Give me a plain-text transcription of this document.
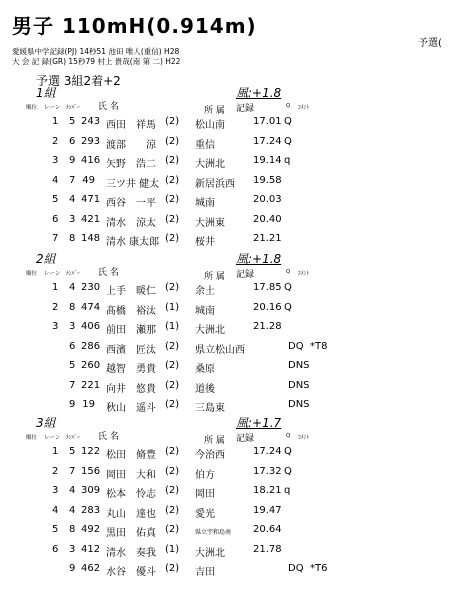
男子 110mH(0.914m)
予選(
愛媛県中学記録(PJ) 14秒51 池田 唯人(重信) H28
大 会 記 録(GR) 15秒79 村上 貴哉(南 第 二) H22
予選 3組2着+2
1組	風:+1.8
順位 レーン ﾅﾝﾊﾞｰ 氏 名	所 属 記録	Q ｺﾒﾝﾄ
1 5 243 西田　祥馬 (2) 松山南	17.01 Q
2 6 293 渡部　　涼 (2) 重信	17.24 Q
3 9 416 矢野　浩二 (2) 大洲北	19.14 q
4 7 49 三ツ井 健太 (2) 新居浜西 19.58
5 4 471 西谷　一平 (2) 城南	20.03
6 3 421 清水　涼太 (2) 大洲東	20.40
7 8 148 清水 康太郎 (2) 桜井	21.21
2組	風:+1.8
順位 レーン ﾅﾝﾊﾞｰ 氏 名	所 属 記録	Q ｺﾒﾝﾄ
1 4 230 上手　暖仁 (2) 余土	17.85 Q
2 8 474 髙橋　裕汰 (1) 城南	20.16 Q
3 3 406 前田　瀬那 (1) 大洲北	21.28
6 286 西濱　匠汰 (2) 県立松山西	DQ *T8
5 260 越智　勇貴 (2) 桑原	DNS
7 221 向井　悠貴 (2) 道後	DNS
9 19 秋山　遥斗 (2) 三島東	DNS
3組	風:+1.7
順位 レーン ﾅﾝﾊﾞｰ 氏 名	所 属 記録	Q ｺﾒﾝﾄ
1 5 122 松田　脩豊 (2) 今治西	17.24 Q
2 7 156 岡田　大和 (2) 伯方	17.32 Q
3 4 309 松本　怜志 (2) 岡田	18.21 q
4 4 283 丸山　達也 (2) 愛光	19.47
5 8 492 黒田　佑真 (2)	県立宇和島南 20.64
6 3 412 清水　奏我 (1) 大洲北	21.78
9 462 水谷　優斗 (2) 吉田	DQ *T6
